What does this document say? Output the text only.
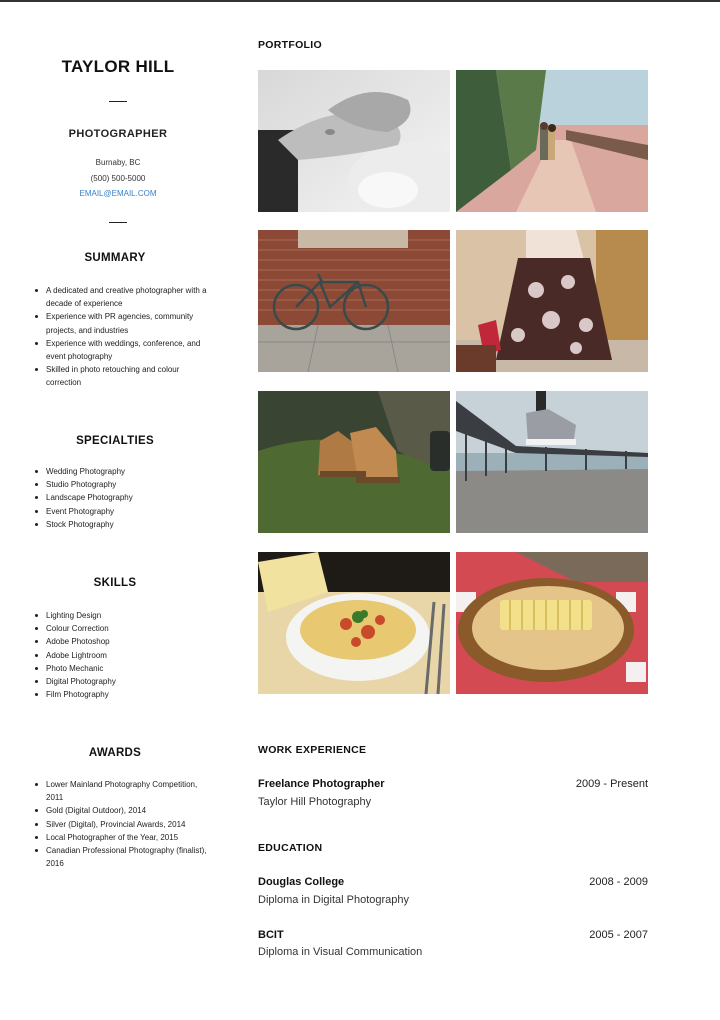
TAYLOR HILL
PHOTOGRAPHER
Burnaby, BC
(500) 500-5000
EMAIL@EMAIL.COM
SUMMARY
A dedicated and creative photographer with a decade of experience
Experience with PR agencies, community projects, and industries
Experience with weddings, conference, and event photography
Skilled in photo retouching and colour correction
SPECIALTIES
Wedding Photography
Studio Photography
Landscape Photography
Event Photography
Stock Photography
SKILLS
Lighting Design
Colour Correction
Adobe Photoshop
Adobe Lightroom
Photo Mechanic
Digital Photography
Film Photography
AWARDS
Lower Mainland Photography Competition, 2011
Gold (Digital Outdoor), 2014
Silver (Digital), Provincial Awards, 2014
Local Photographer of the Year, 2015
Canadian Professional Photography (finalist), 2016
PORTFOLIO
WORK EXPERIENCE
Freelance Photographer	2009 - Present
Taylor Hill Photography
EDUCATION
Douglas College	2008 - 2009
Diploma in Digital Photography
BCIT	2005 - 2007
Diploma in Visual Communication
